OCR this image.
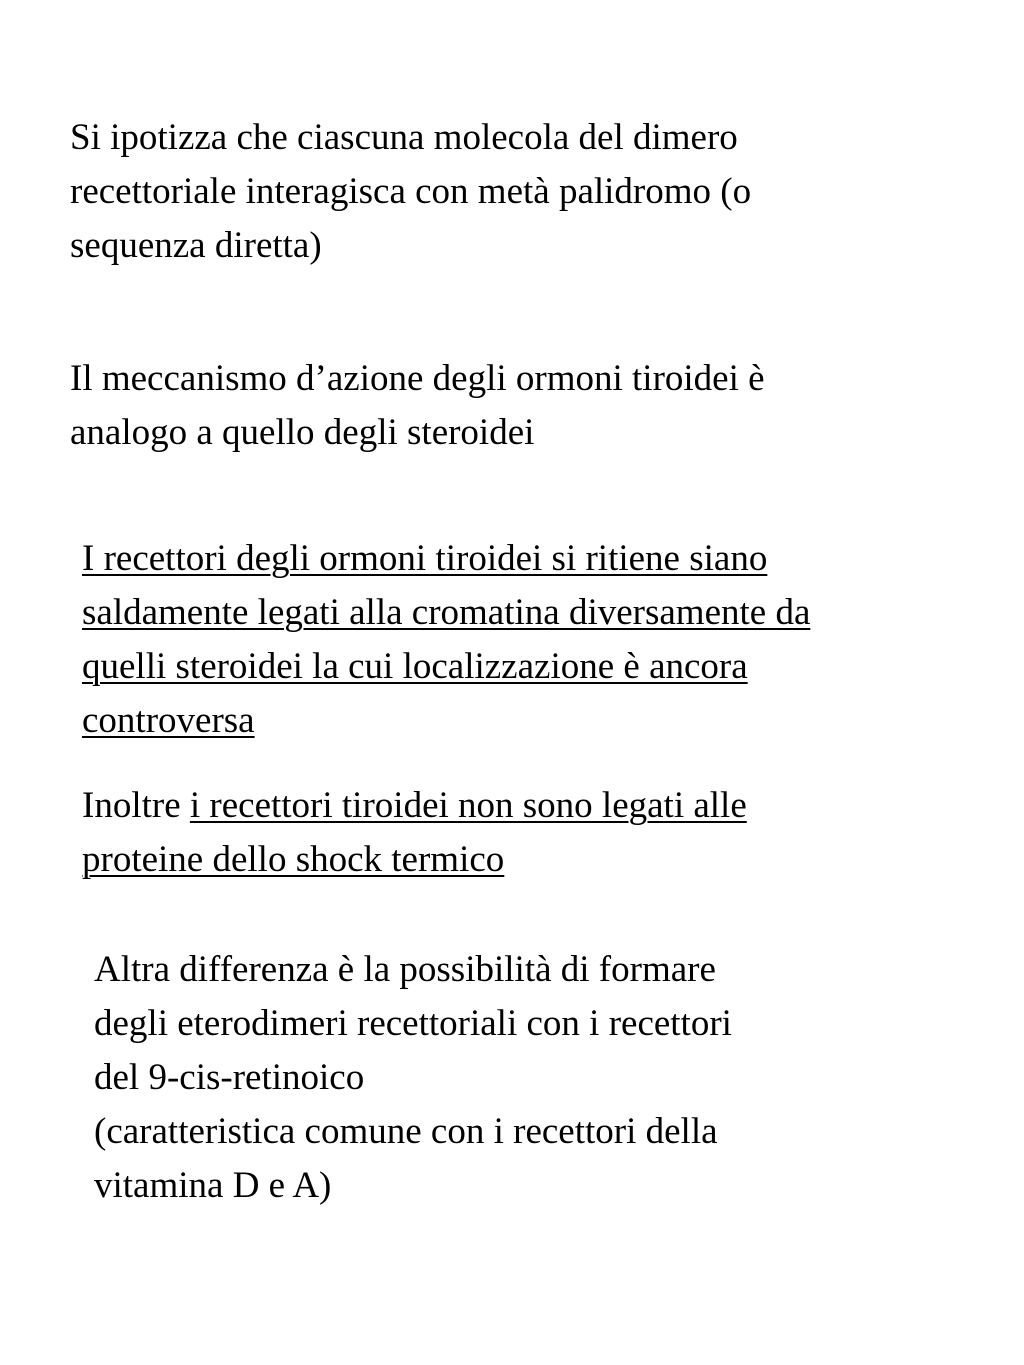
Si ipotizza che ciascuna molecola del dimero
recettoriale interagisca con metà palidromo (o
sequenza diretta)
Il meccanismo d’azione degli ormoni tiroidei è
analogo a quello degli steroidei
I recettori degli ormoni tiroidei si ritiene siano
saldamente legati alla cromatina diversamente da
quelli steroidei la cui localizzazione è ancora
controversa
Inoltre i recettori tiroidei non sono legati alle
proteine dello shock termico
Altra differenza è la possibilità di formare
degli eterodimeri recettoriali con i recettori
del 9-cis-retinoico
(caratteristica comune con i recettori della
vitamina D e A)
